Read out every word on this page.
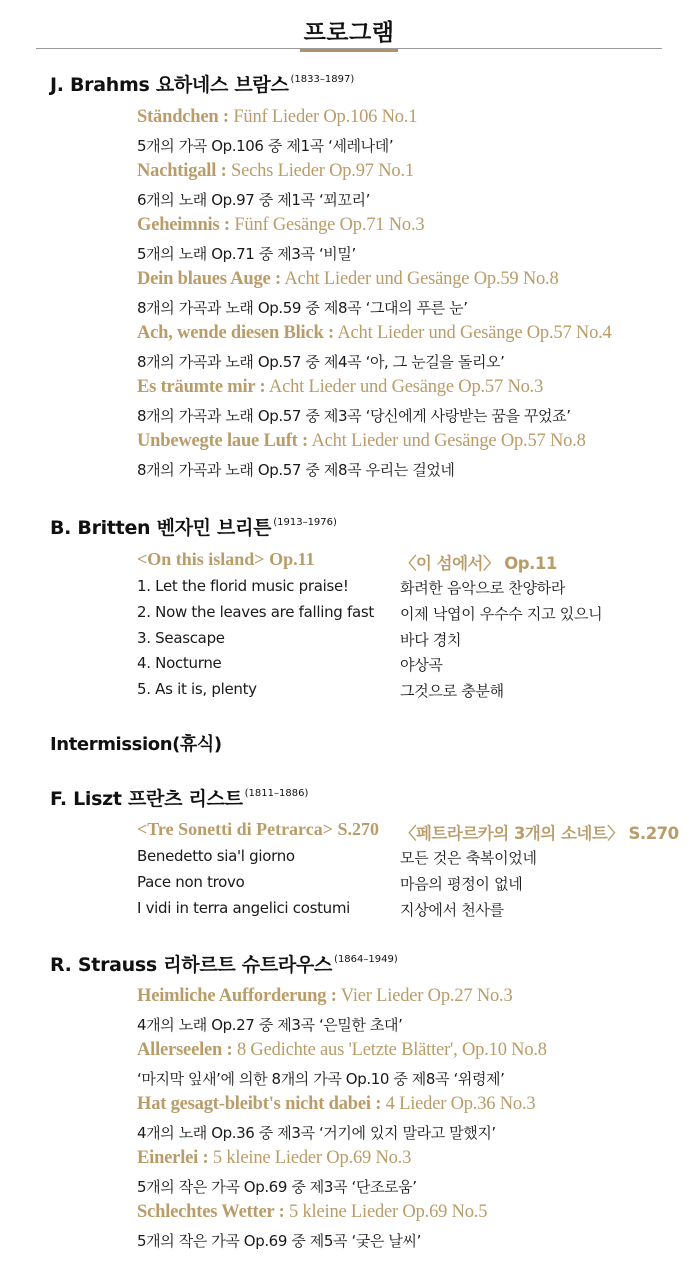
프로그램
J. Brahms 요하네스 브람스 $^{(1833-1897)}$
Ständchen : Fünf Lieder Op.106 No.1
5개의 가곡 Op.106 중 제1곡 ‘세레나데’
Nachtigall : Sechs Lieder Op.97 No.1
6개의 노래 Op.97 중 제1곡 ‘꾀꼬리’
Geheimnis : Fünf Gesänge Op.71 No.3
5개의 노래 Op.71 중 제3곡 ‘비밀’
Dein blaues Auge : Acht Lieder und Gesänge Op.59 No.8
8개의 가곡과 노래 Op.59 중 제8곡 ‘그대의 푸른 눈’
Ach, wende diesen Blick : Acht Lieder und Gesänge Op.57 No.4
8개의 가곡과 노래 Op.57 중 제4곡 ‘아, 그 눈길을 돌리오’
Es träumte mir : Acht Lieder und Gesänge Op.57 No.3
8개의 가곡과 노래 Op.57 중 제3곡 ‘당신에게 사랑받는 꿈을 꾸었죠’
Unbewegte laue Luft : Acht Lieder und Gesänge Op.57 No.8
8개의 가곡과 노래 Op.57 중 제8곡 우리는 걸었네
B. Britten 벤자민 브리튼 $^{(1913-1976)}$
<On this island> Op.11	〈이 섬에서〉 Op.11
1. Let the florid music praise!	화려한 음악으로 찬양하라
2. Now the leaves are falling fast 이제 낙엽이 우수수 지고 있으니
3. Seascape	바다 경치
4. Nocturne	야상곡
5. As it is, plenty	그것으로 충분해
Intermission(휴식)
F. Liszt 프란츠 리스트 $^{(1811-1886)}$
<Tre Sonetti di Petrarca> S.270 〈페트라르카의 3개의 소네트〉 S.270
Benedetto sia'l giorno	모든 것은 축복이었네
Pace non trovo	마음의 평정이 없네
I vidi in terra angelici costumi	지상에서 천사를
R. Strauss 리하르트 슈트라우스 $^{(1864-1949)}$
Heimliche Aufforderung : Vier Lieder Op.27 No.3
4개의 노래 Op.27 중 제3곡 ‘은밀한 초대’
Allerseelen : 8 Gedichte aus 'Letzte Blätter', Op.10 No.8
‘마지막 잎새’에 의한 8개의 가곡 Op.10 중 제8곡 ‘위령제’
Hat gesagt-bleibt's nicht dabei : 4 Lieder Op.36 No.3
4개의 노래 Op.36 중 제3곡 ‘거기에 있지 말라고 말했지’
Einerlei : 5 kleine Lieder Op.69 No.3
5개의 작은 가곡 Op.69 중 제3곡 ‘단조로움’
Schlechtes Wetter : 5 kleine Lieder Op.69 No.5
5개의 작은 가곡 Op.69 중 제5곡 ‘궂은 날씨’
